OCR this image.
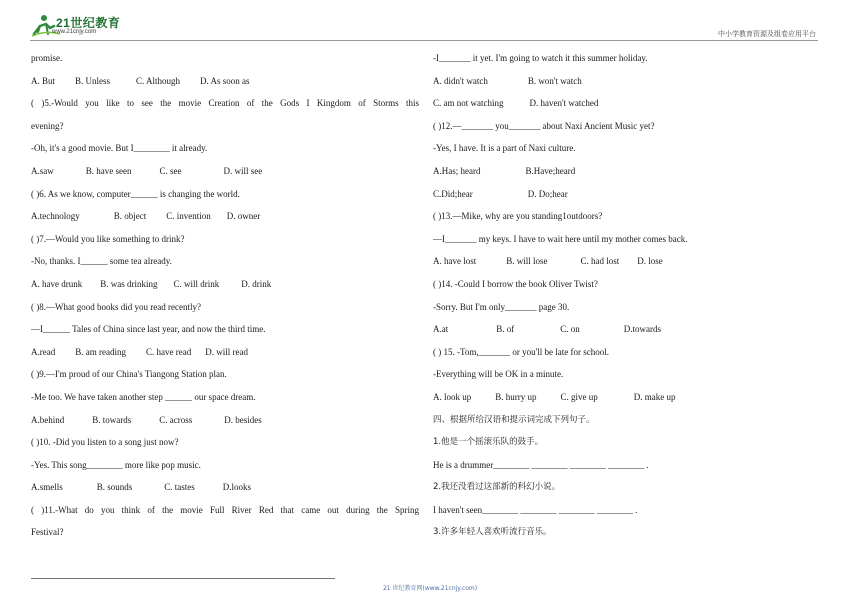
21世纪教育
www.21cnjy.com	中小学教育资源及组卷应用平台
promise.
A. But B. Unless	C. Although D. As soon as
( )5.-Would you like to see the movie Creation of the Gods I Kingdom of Storms this
evening?
-Oh, it's a good movie. But I________ it already.
A.saw	B. have seen	C. see	D. will see
( )6. As we know, computer______ is changing the world.
A.technology	B. object C. invention D. owner
( )7.—Would you like something to drink?
-No, thanks. I______ some tea already.
A. have drunk B. was drinking C. will drink D. drink
( )8.—What good books did you read recently?
—I______ Tales of China since last year, and now the third time.
A.read B. am reading C. have read D. will read
( )9.—I'm proud of our China's Tiangong Station plan.
-Me too. We have taken another step ______ our space dream.
A.behind	B. towards	C. across	D. besides
( )10. -Did you listen to a song just now?
-Yes. This song________ more like pop music.
A.smells	B. sounds	C. tastes	D.looks
( )11.-What do you think of the movie Full River Red that came out during the Spring
Festival?
-I_______ it yet. I'm going to watch it this summer holiday.
A. didn't watch	B. won't watch
C. am not watching	D. haven't watched
( )12.—_______ you_______ about Naxi Ancient Music yet?
-Yes, I have. It is a part of Naxi culture.
A.Has; heard	B.Have;heard
C.Did;hear	D. Do;hear
( )13.—Mike, why are you standing1outdoors?
—I_______ my keys. I have to wait here until my mother comes back.
A. have lost	B. will lose	C. had lost D. lose
( )14. -Could I borrow the book Oliver Twist?
-Sorry. But I'm only_______ page 30.
A.at	B. of	C. on	D.towards
( ) 15. -Tom,_______ or you'll be late for school.
-Everything will be OK in a minute.
A. look up	B. hurry up	C. give up	D. make up
四、根据所给汉语和提示词完成下列句子。
1.他是一个摇滚乐队的鼓手。
He is a drummer________ ________ ________ ________ .
2.我还没看过这部新的科幻小说。
I haven't seen________ ________ ________ ________ .
3.许多年轻人喜欢听流行音乐。
21 世纪教育网(www.21cnjy.com)
